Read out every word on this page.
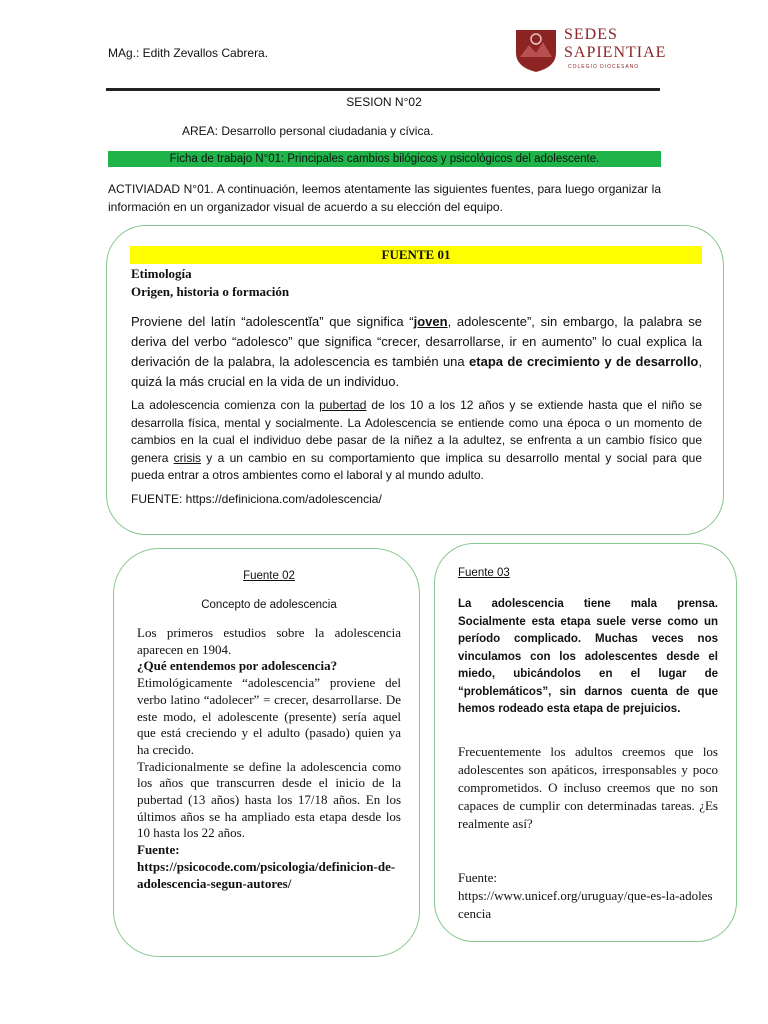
MAg.: Edith Zevallos Cabrera.
SEDES
SAPIENTIAE
COLEGIO DIOCESANO
SESION N°02
AREA: Desarrollo personal ciudadania y cívica.
Ficha de trabajo N°01: Principales cambios bilógicos y psicológicos del adolescente.
ACTIVIADAD N°01. A continuación, leemos atentamente las siguientes fuentes, para luego organizar la información en un organizador visual de acuerdo a su elección del equipo.
FUENTE 01
Etimología
Origen, historia o formación
Proviene del latín “adolescentĭa” que significa “joven, adolescente”, sin embargo, la palabra se deriva del verbo “adolesco” que significa “crecer, desarrollarse, ir en aumento” lo cual explica la derivación de la palabra, la adolescencia es también una etapa de crecimiento y de desarrollo, quizá la más crucial en la vida de un individuo.
La adolescencia comienza con la pubertad de los 10 a los 12 años y se extiende hasta que el niño se desarrolla física, mental y socialmente. La Adolescencia se entiende como una época o un momento de cambios en la cual el individuo debe pasar de la niñez a la adultez, se enfrenta a un cambio físico que genera crisis y a un cambio en su comportamiento que implica su desarrollo mental y social para que pueda entrar a otros ambientes como el laboral y al mundo adulto.
FUENTE: https://definiciona.com/adolescencia/
Fuente 02
Concepto de adolescencia

Los primeros estudios sobre la adolescencia aparecen en 1904.

¿Qué entendemos por adolescencia?

Etimológicamente “adolescencia” proviene del verbo latino “adolecer” = crecer, desarrollarse. De este modo, el adolescente (presente) sería aquel que está creciendo y el adulto (pasado) quien ya ha crecido.

Tradicionalmente se define la adolescencia como los años que transcurren desde el inicio de la pubertad (13 años) hasta los 17/18 años. En los últimos años se ha ampliado esta etapa desde los 10 hasta los 22 años.

Fuente:

https://psicocode.com/psicologia/definicion-de-adolescencia-segun-autores/

Fuente 03
La adolescencia tiene mala prensa. Socialmente esta etapa suele verse como un período complicado. Muchas veces nos vinculamos con los adolescentes desde el miedo, ubicándolos en el lugar de “problemáticos”, sin darnos cuenta de que hemos rodeado esta etapa de prejuicios.
Frecuentemente los adultos creemos que los adolescentes son apáticos, irresponsables y poco comprometidos. O incluso creemos que no son capaces de cumplir con determinadas tareas. ¿Es realmente así?
Fuente:
https://www.unicef.org/uruguay/que-es-la-adolescencia
